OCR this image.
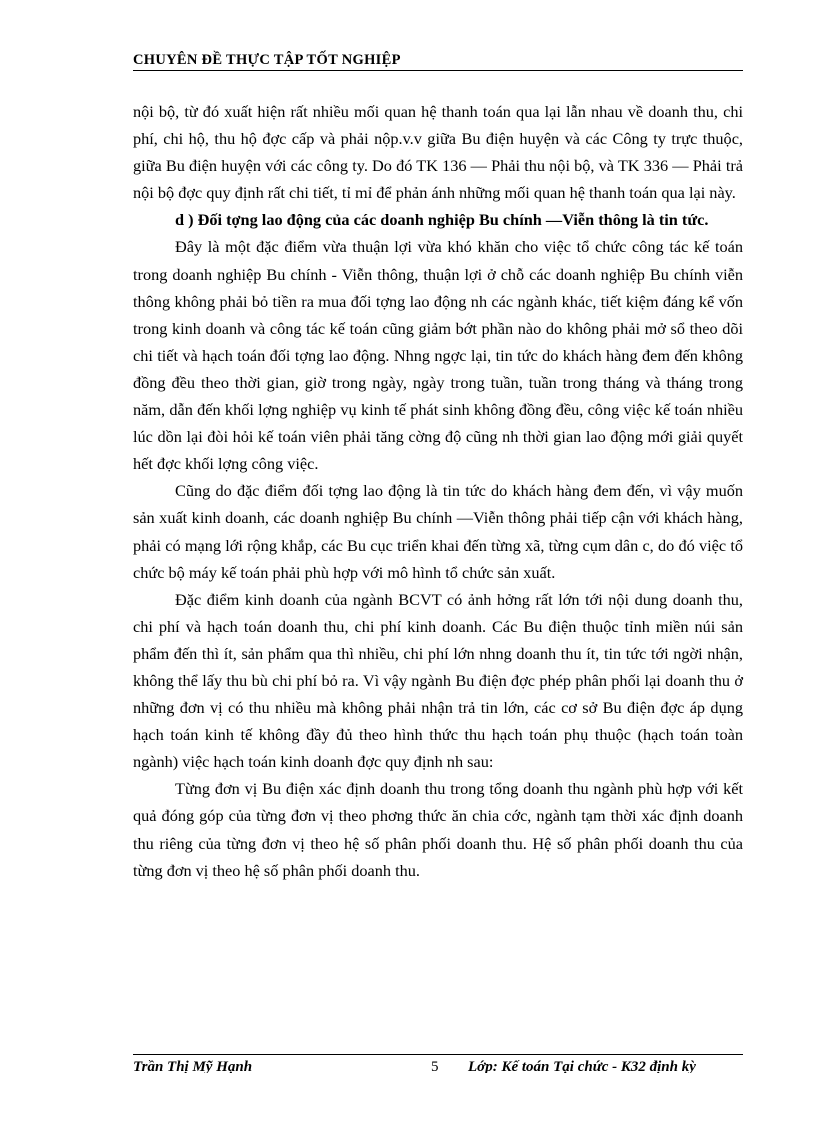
CHUYÊN ĐỀ THỰC TẬP TỐT NGHIỆP

nội bộ, từ đó xuất hiện rất nhiều mối quan hệ thanh toán qua lại lẫn nhau về doanh thu, chi phí, chi hộ, thu hộ đợc cấp và phải nộp.v.v giữa Bu điện huyện và các Công ty trực thuộc, giữa Bu điện huyện với các công ty. Do đó TK 136 — Phải thu nội bộ, và TK 336 — Phải trả nội bộ đợc quy định rất chi tiết, tỉ mỉ để phản ánh những mối quan hệ thanh toán qua lại này.

d ) Đối tợng lao động của các doanh nghiệp Bu chính —Viễn thông là tin tức.

Đây là một đặc điểm vừa thuận lợi vừa khó khăn cho việc tổ chức công tác kế toán trong doanh nghiệp Bu chính - Viễn thông, thuận lợi ở chỗ các doanh nghiệp Bu chính viễn thông không phải bỏ tiền ra mua đối tợng lao động nh các ngành khác, tiết kiệm đáng kể vốn trong kinh doanh và công tác kế toán cũng giảm bớt phần nào do không phải mở sổ theo dõi chi tiết và hạch toán đối tợng lao động. Nhng ngợc lại, tin tức do khách hàng đem đến không đồng đều theo thời gian, giờ trong ngày, ngày trong tuần, tuần trong tháng và tháng trong năm, dẫn đến khối lợng nghiệp vụ kinh tế phát sinh không đồng đều, công việc kế toán nhiều lúc dồn lại đòi hỏi kế toán viên phải tăng cờng độ cũng nh thời gian lao động mới giải quyết hết đợc khối lợng công việc.

Cũng do đặc điểm đối tợng lao động là tin tức do khách hàng đem đến, vì vậy muốn sản xuất kinh doanh, các doanh nghiệp Bu chính —Viễn thông phải tiếp cận với khách hàng, phải có mạng lới rộng khắp, các Bu cục triển khai đến từng xã, từng cụm dân c, do đó việc tổ chức bộ máy kế toán phải phù hợp với mô hình tổ chức sản xuất.

Đặc điểm kinh doanh của ngành BCVT có ảnh hởng rất lớn tới nội dung doanh thu, chi phí và hạch toán doanh thu, chi phí kinh doanh. Các Bu điện thuộc tỉnh miền núi sản phẩm đến thì ít, sản phẩm qua thì nhiều, chi phí lớn nhng doanh thu ít, tin tức tới ngời nhận, không thể lấy thu bù chi phí bỏ ra. Vì vậy ngành Bu điện đợc phép phân phối lại doanh thu ở những đơn vị có thu nhiều mà không phải nhận trả tin lớn, các cơ sở Bu điện đợc áp dụng hạch toán kinh tế không đầy đủ theo hình thức thu hạch toán phụ thuộc (hạch toán toàn ngành) việc hạch toán kinh doanh đợc quy định nh sau:

Từng đơn vị Bu điện xác định doanh thu trong tổng doanh thu ngành phù hợp với kết quả đóng góp của từng đơn vị theo phơng thức ăn chia cớc, ngành tạm thời xác định doanh thu riêng của từng đơn vị theo hệ số phân phối doanh thu. Hệ số phân phối doanh thu của từng đơn vị theo hệ số phân phối doanh thu.

Trần Thị Mỹ Hạnh	5 Lớp: Kế toán Tại chức - K32 định kỳ
